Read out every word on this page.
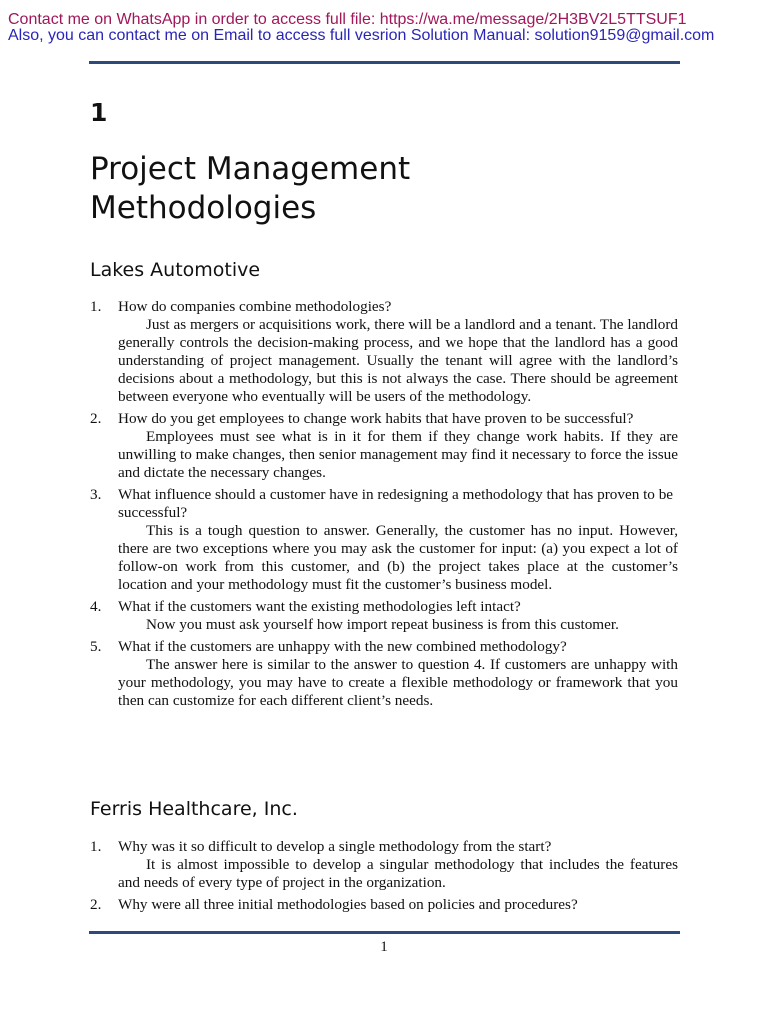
Contact me on WhatsApp in order to access full file: https://wa.me/message/2H3BV2L5TTSUF1
Also, you can contact me on Email to access full vesrion Solution Manual: solution9159@gmail.com
1
Project Management Methodologies
Lakes Automotive
1. How do companies combine methodologies?
Just as mergers or acquisitions work, there will be a landlord and a tenant. The landlord generally controls the decision-making process, and we hope that the landlord has a good understanding of project management. Usually the tenant will agree with the landlord’s decisions about a methodology, but this is not always the case. There should be agreement between everyone who eventually will be users of the methodology.
2. How do you get employees to change work habits that have proven to be successful?
Employees must see what is in it for them if they change work habits. If they are unwilling to make changes, then senior management may find it necessary to force the issue and dictate the necessary changes.
3. What influence should a customer have in redesigning a methodology that has proven to be successful?
This is a tough question to answer. Generally, the customer has no input. However, there are two exceptions where you may ask the customer for input: (a) you expect a lot of follow-on work from this customer, and (b) the project takes place at the customer’s location and your methodology must fit the customer’s business model.
4. What if the customers want the existing methodologies left intact?
Now you must ask yourself how import repeat business is from this customer.
5. What if the customers are unhappy with the new combined methodology?
The answer here is similar to the answer to question 4. If customers are unhappy with your methodology, you may have to create a flexible methodology or framework that you then can customize for each different client’s needs.
Ferris Healthcare, Inc.
1. Why was it so difficult to develop a single methodology from the start?
It is almost impossible to develop a singular methodology that includes the features and needs of every type of project in the organization.
2. Why were all three initial methodologies based on policies and procedures?
1
